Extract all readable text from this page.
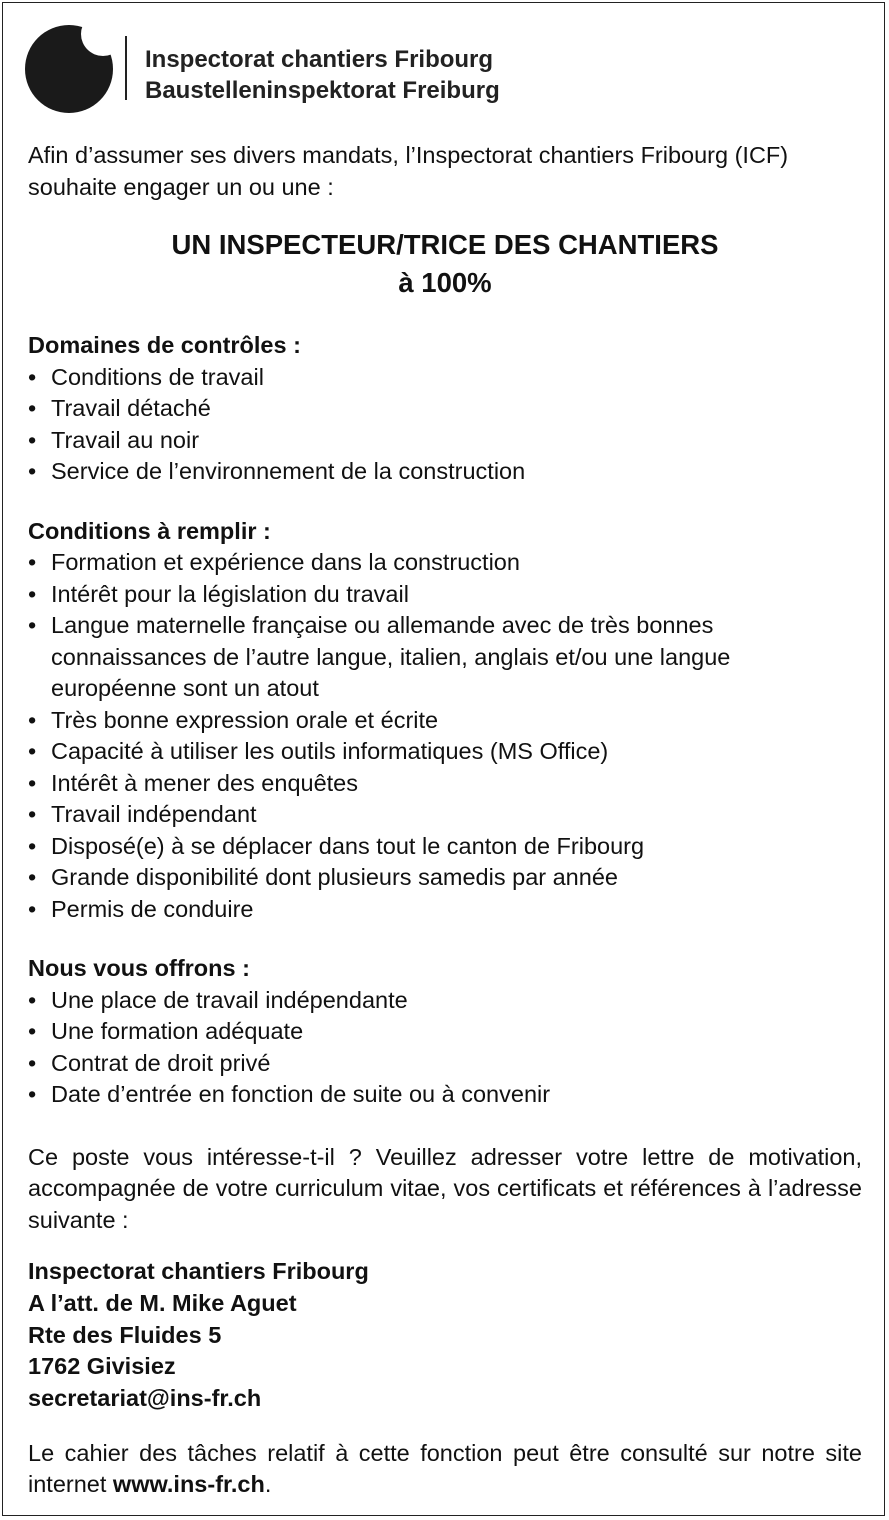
Inspectorat chantiers Fribourg
Baustelleninspektorat Freiburg

Afin d’assumer ses divers mandats, l’Inspectorat chantiers Fribourg (ICF) souhaite engager un ou une :

UN INSPECTEUR/TRICE DES CHANTIERS
à 100%
Domaines de contrôles :
• Conditions de travail
• Travail détaché
• Travail au noir
• Service de l’environnement de la construction
Conditions à remplir :
• Formation et expérience dans la construction
• Intérêt pour la législation du travail
• Langue maternelle française ou allemande avec de très bonnes connaissances de l’autre langue, italien, anglais et/ou une langue européenne sont un atout
• Très bonne expression orale et écrite
• Capacité à utiliser les outils informatiques (MS Office)
• Intérêt à mener des enquêtes
• Travail indépendant
• Disposé(e) à se déplacer dans tout le canton de Fribourg
• Grande disponibilité dont plusieurs samedis par année
• Permis de conduire
Nous vous offrons :
• Une place de travail indépendante
• Une formation adéquate
• Contrat de droit privé
• Date d’entrée en fonction de suite ou à convenir

Ce poste vous intéresse-t-il ? Veuillez adresser votre lettre de motivation, accompagnée de votre curriculum vitae, vos certificats et références à l’adresse suivante :

Inspectorat chantiers Fribourg
A l’att. de M. Mike Aguet
Rte des Fluides 5
1762 Givisiez
secretariat@ins-fr.ch

Le cahier des tâches relatif à cette fonction peut être consulté sur notre site internet www.ins-fr.ch.
